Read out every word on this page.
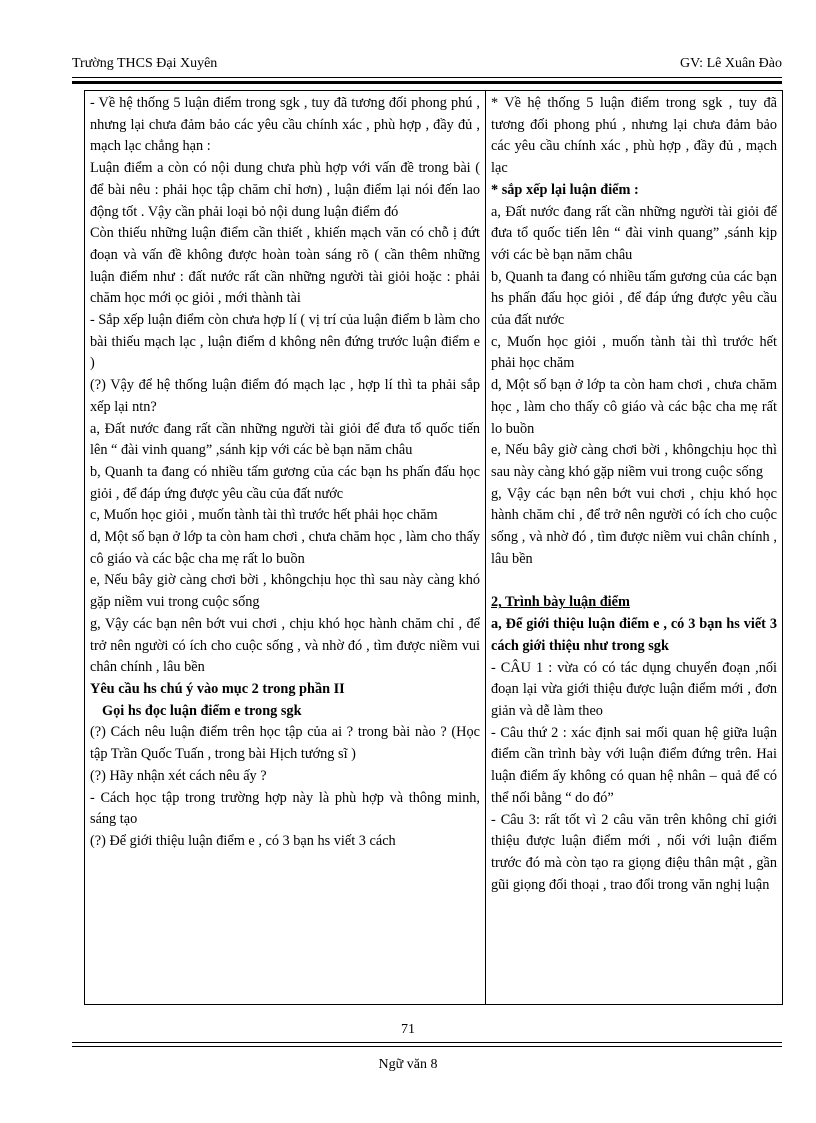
Trường THCS Đại Xuyên	GV: Lê Xuân Đào

- Về hệ thống 5 luận điểm trong sgk , tuy đã tương đối phong phú , nhưng lại chưa đảm bảo các yêu cầu chính xác , phù hợp , đầy đủ , mạch lạc chẳng hạn :

Luận điểm a còn có nội dung chưa phù hợp với vấn đề trong bài ( để bài nêu : phải học tập chăm chỉ hơn) , luận điểm lại nói đến lao động tốt . Vậy cần phải loại bỏ nội dung luận điểm đó

Còn thiếu những luận điểm cần thiết , khiến mạch văn có chỗ ị đứt đoạn và vấn đề không được hoàn toàn sáng rõ ( cần thêm những luận điểm như : đất nước rất cần những người tài giỏi hoặc : phải chăm học mới ọc giỏi , mới thành tài

- Sắp xếp luận điểm còn chưa hợp lí ( vị trí của luận điểm b làm cho bài thiếu mạch lạc , luận điểm d không nên đứng trước luận điểm e )

(?) Vậy để hệ thống luận điểm đó mạch lạc , hợp lí thì ta phải sắp xếp lại ntn?

a, Đất nước đang rất cần những người tài giỏi để đưa tổ quốc tiến lên “ đài vinh quang” ,sánh kịp với các bè bạn năm châu

b, Quanh ta đang có nhiều tấm gương của các bạn hs phấn đấu học giỏi , để đáp ứng được yêu cầu của đất nước

c, Muốn học giỏi , muốn tành tài thì trước hết phải học chăm

d, Một số bạn ở lớp ta còn ham chơi , chưa chăm học , làm cho thấy cô giáo và các bậc cha mẹ rất lo buồn

e, Nếu bây giờ càng chơi bời , khôngchịu học thì sau này càng khó gặp niềm vui trong cuộc sống

g, Vậy các bạn nên bớt vui chơi , chịu khó học hành chăm chỉ , để trở nên người có ích cho cuộc sống , và nhờ đó , tìm được niềm vui chân chính , lâu bền

Yêu cầu hs chú ý vào mục 2 trong phần II

Gọi hs đọc luận điểm e trong sgk

(?) Cách nêu luận điểm trên học tập của ai ? trong bài nào ? (Học tập Trần Quốc Tuấn , trong bài Hịch tướng sĩ )

(?) Hãy nhận xét cách nêu ấy ?

- Cách học tập trong trường hợp này là phù hợp và thông minh, sáng tạo

(?) Để giới thiệu luận điểm e , có 3 bạn hs viết 3 cách

* Về hệ thống 5 luận điểm trong sgk , tuy đã tương đối phong phú , nhưng lại chưa đảm bảo các yêu cầu chính xác , phù hợp , đầy đủ , mạch lạc

* sắp xếp lại luận điểm :

a, Đất nước đang rất cần những người tài giỏi để đưa tổ quốc tiến lên “ đài vinh quang” ,sánh kịp với các bè bạn năm châu

b, Quanh ta đang có nhiều tấm gương của các bạn hs phấn đấu học giỏi , để đáp ứng được yêu cầu của đất nước

c, Muốn học giỏi , muốn tành tài thì trước hết phải học chăm

d, Một số bạn ở lớp ta còn ham chơi , chưa chăm học , làm cho thấy cô giáo và các bậc cha mẹ rất lo buồn

e, Nếu bây giờ càng chơi bời , khôngchịu học thì sau này càng khó gặp niềm vui trong cuộc sống

g, Vậy các bạn nên bớt vui chơi , chịu khó học hành chăm chỉ , để trở nên người có ích cho cuộc sống , và nhờ đó , tìm được niềm vui chân chính , lâu bền

2, Trình bày luận điểm

a, Để giới thiệu luận điểm e , có 3 bạn hs viết 3 cách giới thiệu như trong sgk

- CÂU 1 : vừa có có tác dụng chuyển đoạn ,nối đoạn lại vừa giới thiệu được luận điểm mới , đơn giản và dễ làm theo

- Câu thứ 2 : xác định sai mối quan hệ giữa luận điểm cần trình bày với luận điểm đứng trên. Hai luận điểm ấy không có quan hệ nhân – quả để có thể nối bằng “ do đó”

- Câu 3: rất tốt vì 2 câu văn trên không chỉ giới thiệu được luận điểm mới , nối với luận điểm trước đó mà còn tạo ra giọng điệu thân mật , gần gũi giọng đối thoại , trao đổi trong văn nghị luận

71
Ngữ văn 8
